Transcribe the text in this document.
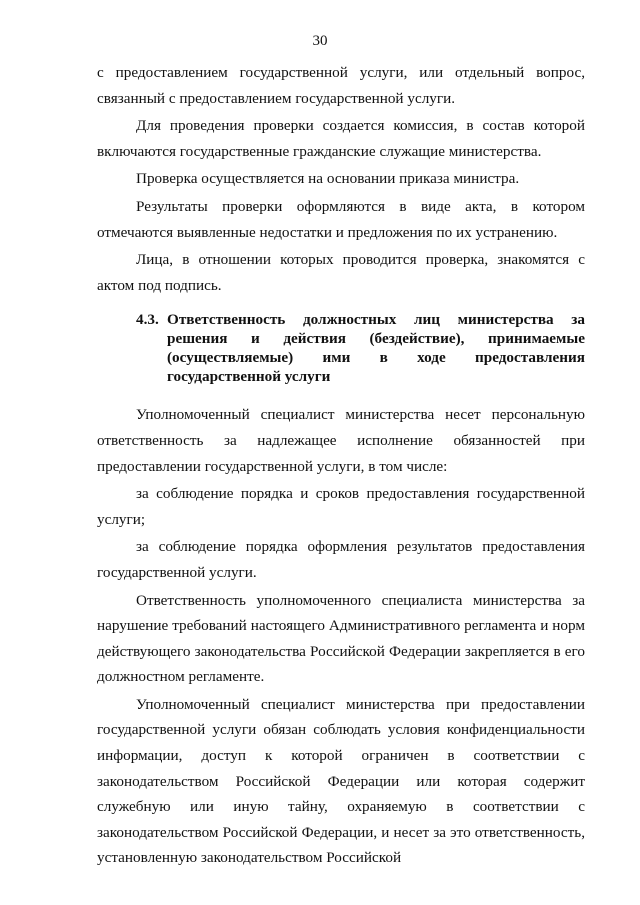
30

с предоставлением государственной услуги, или отдельный вопрос, связанный с предоставлением государственной услуги.

Для проведения проверки создается комиссия, в состав которой включаются государственные гражданские служащие министерства.

Проверка осуществляется на основании приказа министра.

Результаты проверки оформляются в виде акта, в котором отмечаются выявленные недостатки и предложения по их устранению.

Лица, в отношении которых проводится проверка, знакомятся с актом под подпись.

4.3. Ответственность должностных лиц министерства за решения и действия (бездействие), принимаемые (осуществляемые) ими в ходе предоставления государственной услуги

Уполномоченный специалист министерства несет персональную ответственность за надлежащее исполнение обязанностей при предоставлении государственной услуги, в том числе:

за соблюдение порядка и сроков предоставления государственной услуги;

за соблюдение порядка оформления результатов предоставления государственной услуги.

Ответственность уполномоченного специалиста министерства за нарушение требований настоящего Административного регламента и норм действующего законодательства Российской Федерации закрепляется в его должностном регламенте.

Уполномоченный специалист министерства при предоставлении государственной услуги обязан соблюдать условия конфиденциальности информации, доступ к которой ограничен в соответствии с законодательством Российской Федерации или которая содержит служебную или иную тайну, охраняемую в соответствии с законодательством Российской Федерации, и несет за это ответственность, установленную законодательством Российской
